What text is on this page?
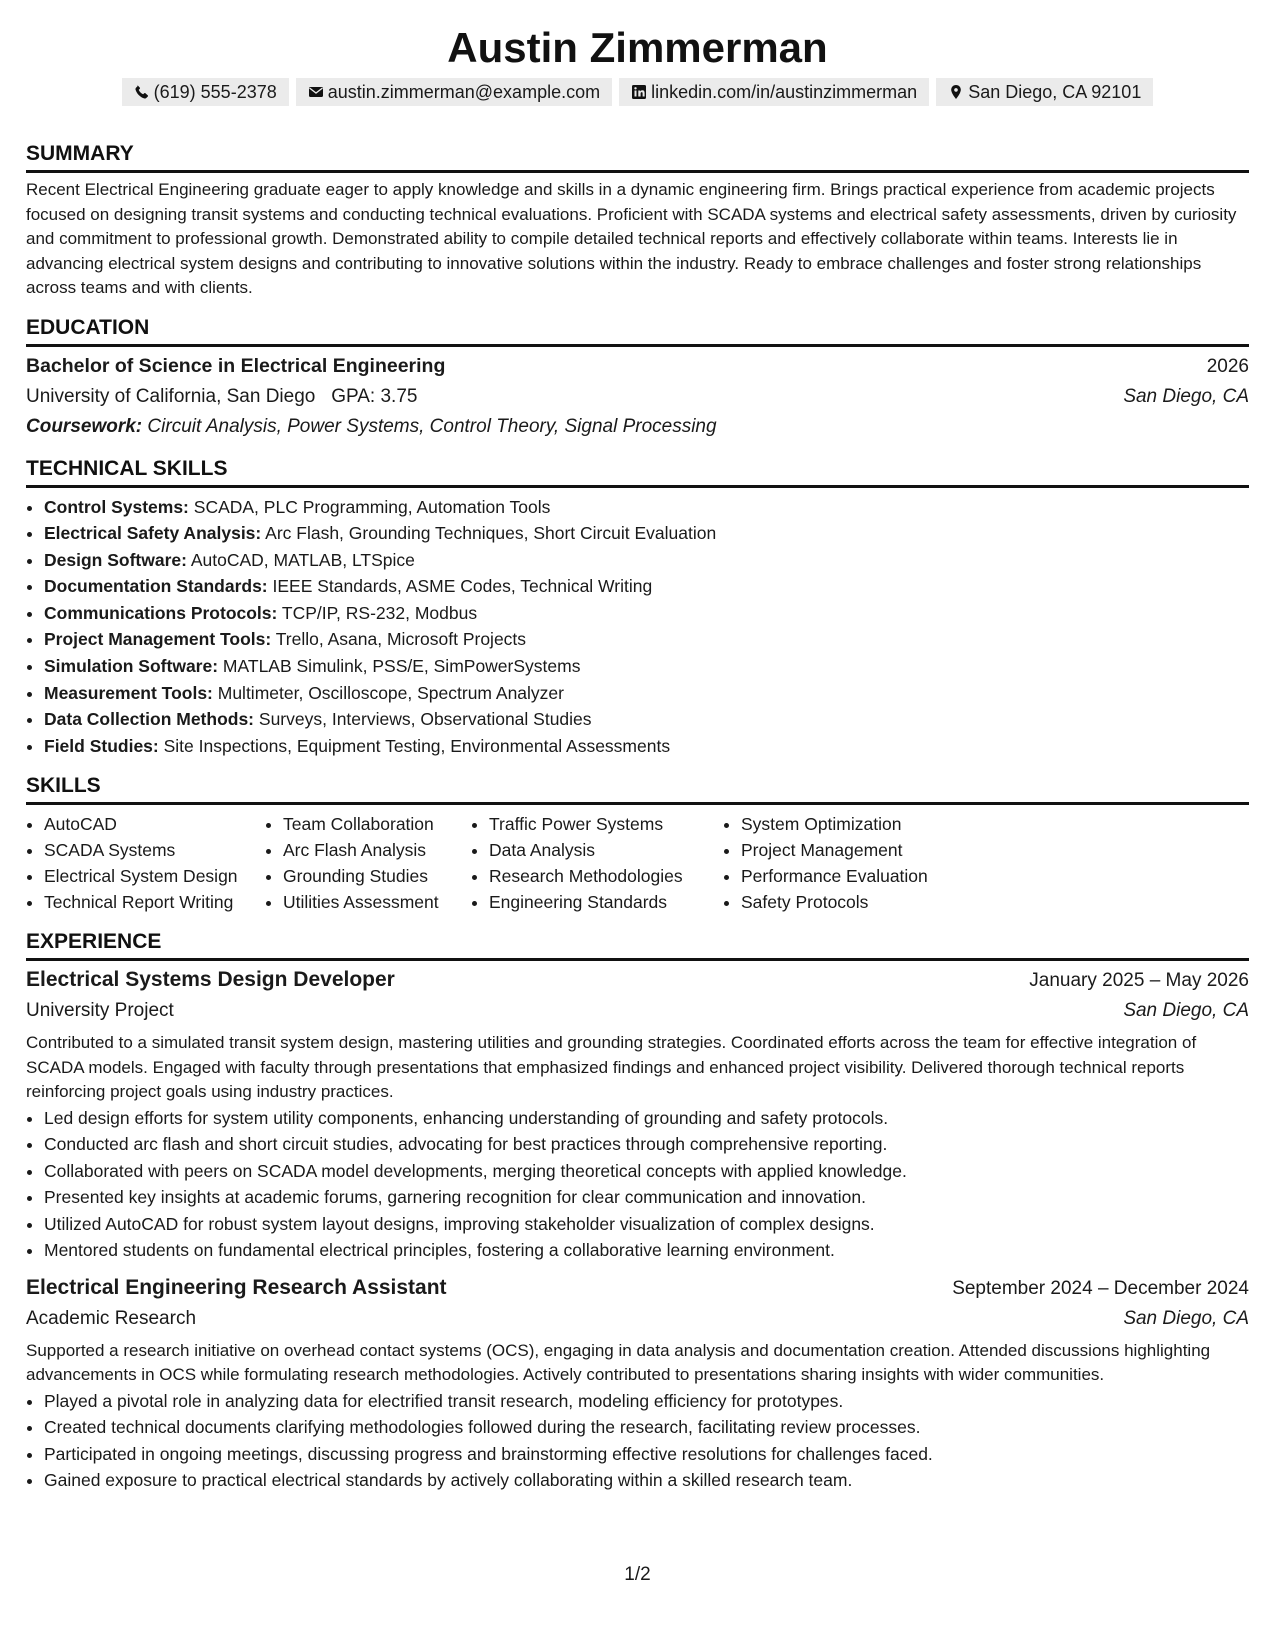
Austin Zimmerman
(619) 555-2378	austin.zimmerman@example.com	linkedin.com/in/austinzimmerman	San Diego, CA 92101
SUMMARY

Recent Electrical Engineering graduate eager to apply knowledge and skills in a dynamic engineering firm. Brings practical experience from academic projects focused on designing transit systems and conducting technical evaluations. Proficient with SCADA systems and electrical safety assessments, driven by curiosity and commitment to professional growth. Demonstrated ability to compile detailed technical reports and effectively collaborate within teams. Interests lie in advancing electrical system designs and contributing to innovative solutions within the industry. Ready to embrace challenges and foster strong relationships across teams and with clients.

EDUCATION
Bachelor of Science in Electrical Engineering	2026
University of California, San Diego GPA: 3.75	San Diego, CA
Coursework: Circuit Analysis, Power Systems, Control Theory, Signal Processing
TECHNICAL SKILLS
• Control Systems: SCADA, PLC Programming, Automation Tools
• Electrical Safety Analysis: Arc Flash, Grounding Techniques, Short Circuit Evaluation
• Design Software: AutoCAD, MATLAB, LTSpice
• Documentation Standards: IEEE Standards, ASME Codes, Technical Writing
• Communications Protocols: TCP/IP, RS-232, Modbus
• Project Management Tools: Trello, Asana, Microsoft Projects
• Simulation Software: MATLAB Simulink, PSS/E, SimPowerSystems
• Measurement Tools: Multimeter, Oscilloscope, Spectrum Analyzer
• Data Collection Methods: Surveys, Interviews, Observational Studies
• Field Studies: Site Inspections, Equipment Testing, Environmental Assessments
SKILLS
• AutoCAD
• SCADA Systems
• Electrical System Design
• Technical Report Writing
• Team Collaboration
• Arc Flash Analysis
• Grounding Studies
• Utilities Assessment
• Traffic Power Systems
• Data Analysis
• Research Methodologies
• Engineering Standards
• System Optimization
• Project Management
• Performance Evaluation
• Safety Protocols
EXPERIENCE
Electrical Systems Design Developer	January 2025 – May 2026
University Project	San Diego, CA

Contributed to a simulated transit system design, mastering utilities and grounding strategies. Coordinated efforts across the team for effective integration of SCADA models. Engaged with faculty through presentations that emphasized findings and enhanced project visibility. Delivered thorough technical reports reinforcing project goals using industry practices.

• Led design efforts for system utility components, enhancing understanding of grounding and safety protocols.
• Conducted arc flash and short circuit studies, advocating for best practices through comprehensive reporting.
• Collaborated with peers on SCADA model developments, merging theoretical concepts with applied knowledge.
• Presented key insights at academic forums, garnering recognition for clear communication and innovation.
• Utilized AutoCAD for robust system layout designs, improving stakeholder visualization of complex designs.
• Mentored students on fundamental electrical principles, fostering a collaborative learning environment.
Electrical Engineering Research Assistant	September 2024 – December 2024
Academic Research	San Diego, CA

Supported a research initiative on overhead contact systems (OCS), engaging in data analysis and documentation creation. Attended discussions highlighting advancements in OCS while formulating research methodologies. Actively contributed to presentations sharing insights with wider communities.

• Played a pivotal role in analyzing data for electrified transit research, modeling efficiency for prototypes.
• Created technical documents clarifying methodologies followed during the research, facilitating review processes.
• Participated in ongoing meetings, discussing progress and brainstorming effective resolutions for challenges faced.
• Gained exposure to practical electrical standards by actively collaborating within a skilled research team.
1/2
